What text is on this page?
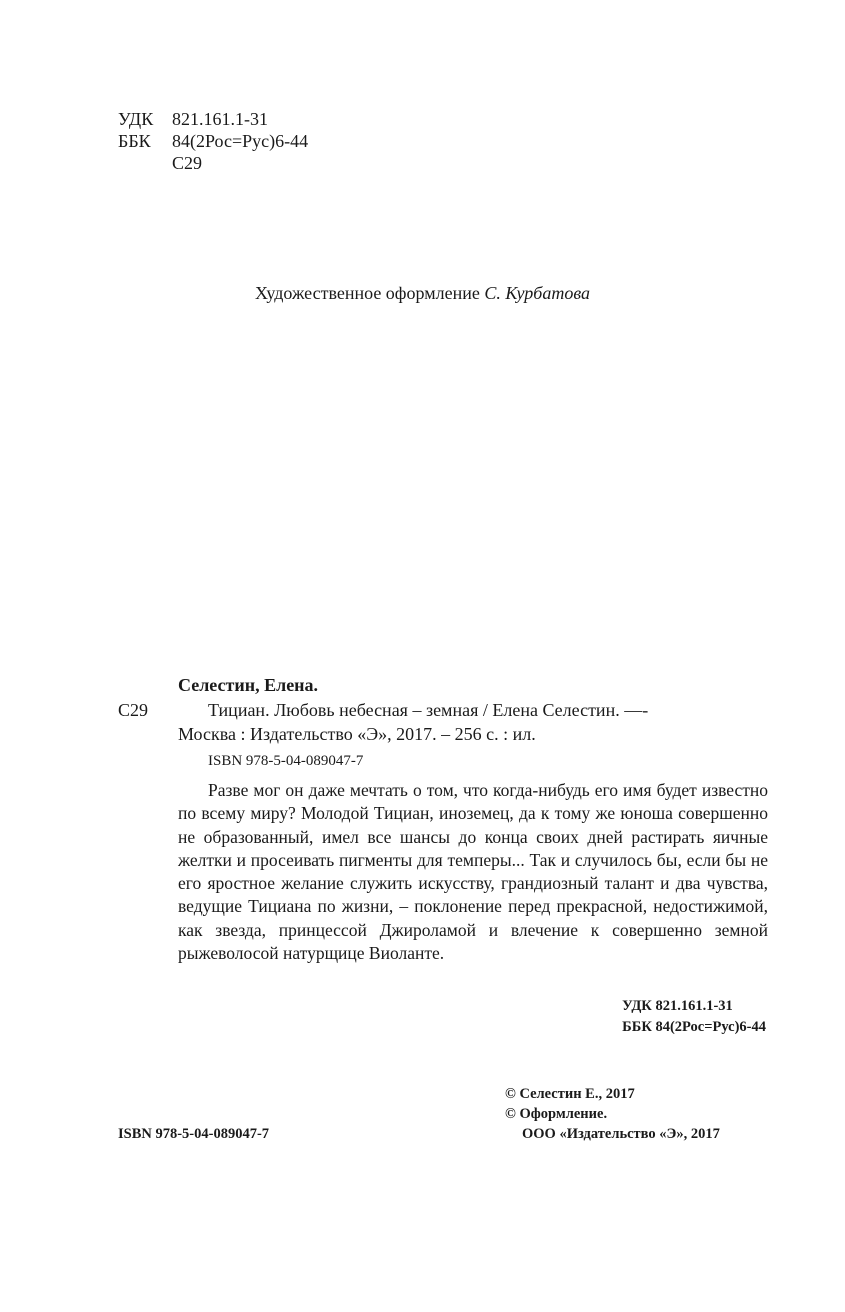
УДК 821.161.1-31
ББК 84(2Рос=Рус)6-44
С29
Художественное оформление С. Курбатова
Селестин, Елена.
С29	Тициан. Любовь небесная – земная / Елена Селестин. —-
Москва : Издательство «Э», 2017. – 256 с. : ил.
ISBN 978-5-04-089047-7

Разве мог он даже мечтать о том, что когда-нибудь его имя будет известно по всему миру? Молодой Тициан, иноземец, да к тому же юноша совершенно не образованный, имел все шансы до конца своих дней растирать яичные желтки и просеивать пигменты для темперы... Так и случилось бы, если бы не его яростное желание служить искусству, грандиозный талант и два чувства, ведущие Тициана по жизни, – поклонение перед прекрасной, недостижимой, как звезда, принцессой Джироламой и влечение к совершенно земной рыжеволосой натурщице Виоланте.

УДК 821.161.1-31
ББК 84(2Рос=Рус)6-44
© Селестин Е., 2017
© Оформление.
ООО «Издательство «Э», 2017
ISBN 978-5-04-089047-7
